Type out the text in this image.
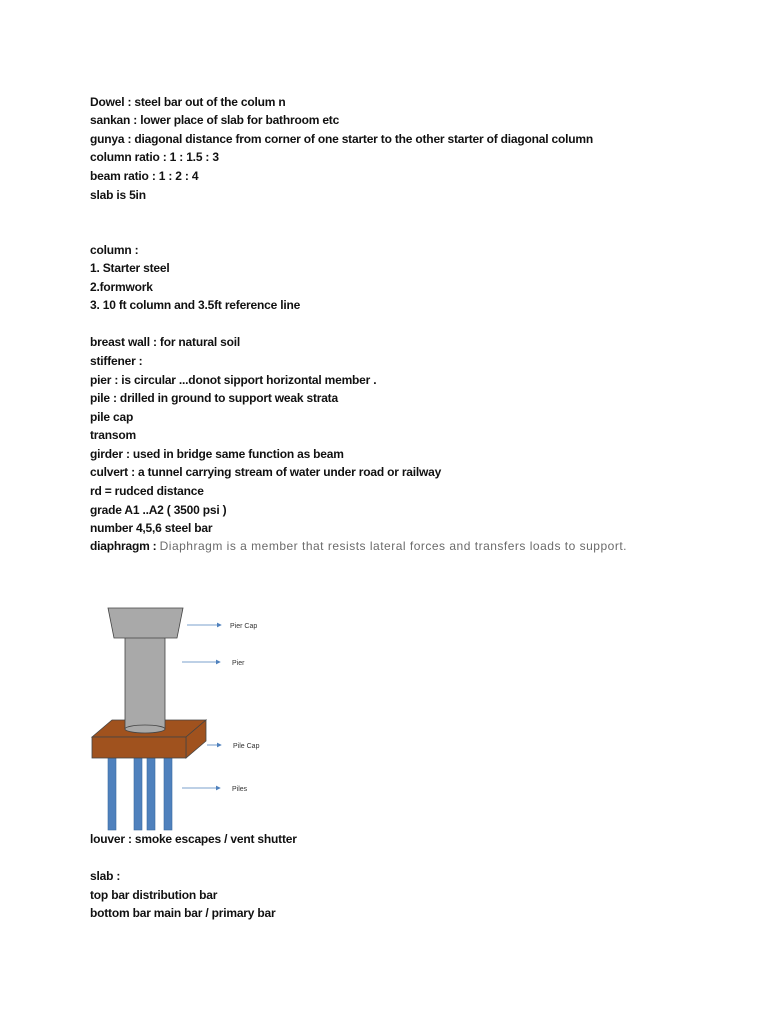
Dowel : steel bar out of the colum n
sankan : lower place of slab for bathroom etc
gunya : diagonal distance from corner of one starter to the other starter of diagonal column
column ratio : 1 : 1.5 : 3
beam ratio : 1 : 2 : 4
slab is 5in
column :
1. Starter steel
2.formwork
3. 10 ft column and 3.5ft reference line
breast wall : for natural soil
stiffener :
pier : is circular ...donot sipport horizontal member .
pile : drilled in ground to support weak strata
pile cap
transom
girder : used in bridge same function as beam
culvert : a tunnel carrying stream of water under road or railway
rd = rudced distance
grade A1 ..A2 ( 3500 psi )
number 4,5,6 steel bar
diaphragm : Diaphragm is a member that resists lateral forces and transfers loads to support.
Pier Cap
Pier
Pile Cap
Piles
louver : smoke escapes / vent shutter
slab :
top bar distribution bar
bottom bar main bar / primary bar
